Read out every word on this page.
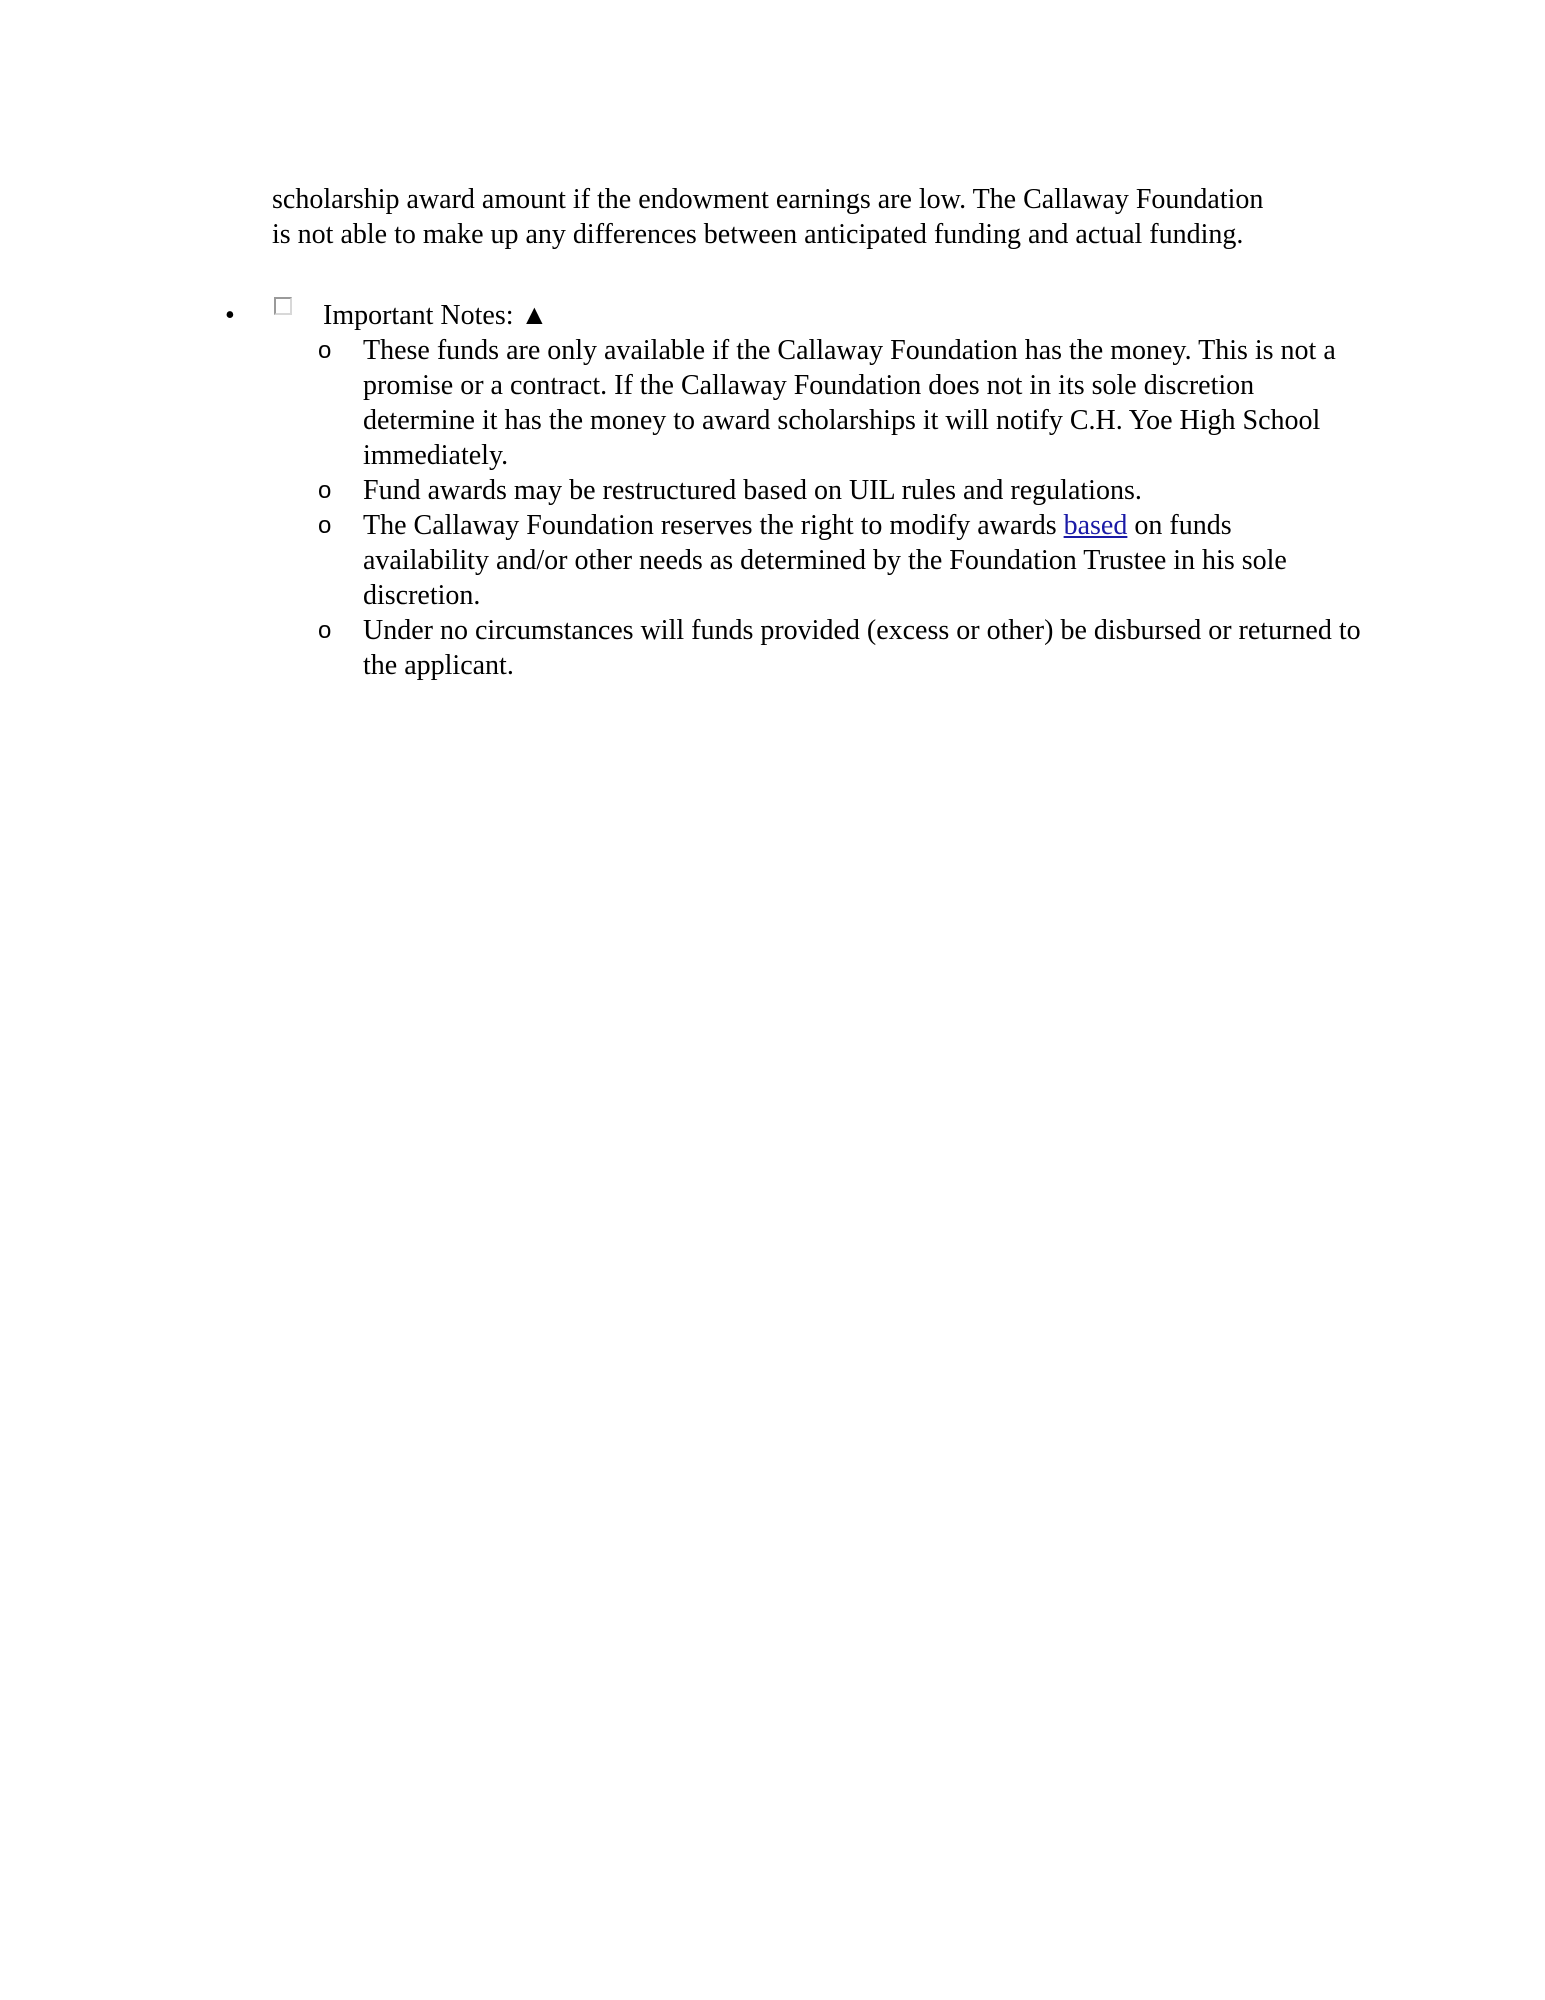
scholarship award amount if the endowment earnings are low. The Callaway Foundation
is not able to make up any differences between anticipated funding and actual funding.

•	Important Notes: ▲
o These funds are only available if the Callaway Foundation has the money. This is not a promise or a contract. If the Callaway Foundation does not in its sole discretion determine it has the money to award scholarships it will notify C.H. Yoe High School immediately.
o Fund awards may be restructured based on UIL rules and regulations.
o The Callaway Foundation reserves the right to modify awards based on funds availability and/or other needs as determined by the Foundation Trustee in his sole discretion.
o Under no circumstances will funds provided (excess or other) be disbursed or returned to the applicant.
